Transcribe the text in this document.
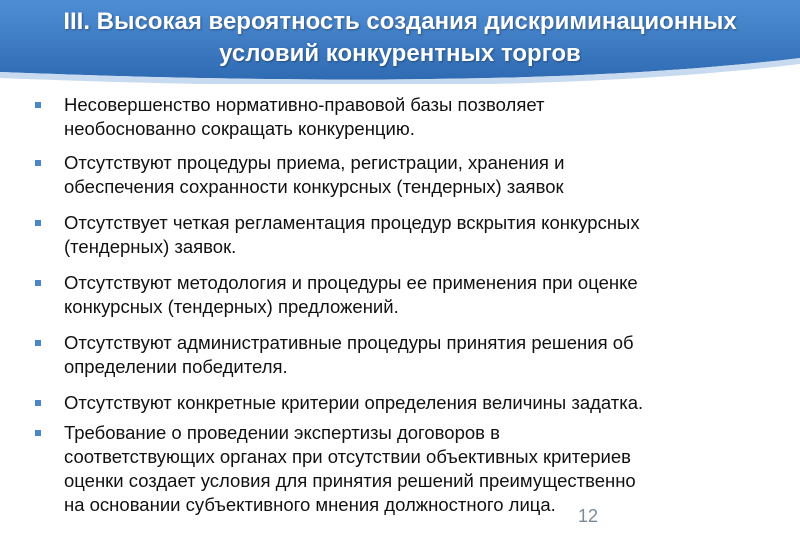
III. Высокая вероятность создания дискриминационных
условий конкурентных торгов
Несовершенство нормативно-правовой базы позволяет
необоснованно сокращать конкуренцию.
Отсутствуют процедуры приема, регистрации, хранения и
обеспечения сохранности конкурсных (тендерных) заявок
Отсутствует четкая регламентация процедур вскрытия конкурсных
(тендерных) заявок.
Отсутствуют методология и процедуры ее применения при оценке
конкурсных (тендерных) предложений.
Отсутствуют административные процедуры принятия решения об
определении победителя.
Отсутствуют конкретные критерии определения величины задатка.
Требование о проведении экспертизы договоров в
соответствующих органах при отсутствии объективных критериев
оценки создает условия для принятия решений преимущественно
на основании субъективного мнения должностного лица.
12
